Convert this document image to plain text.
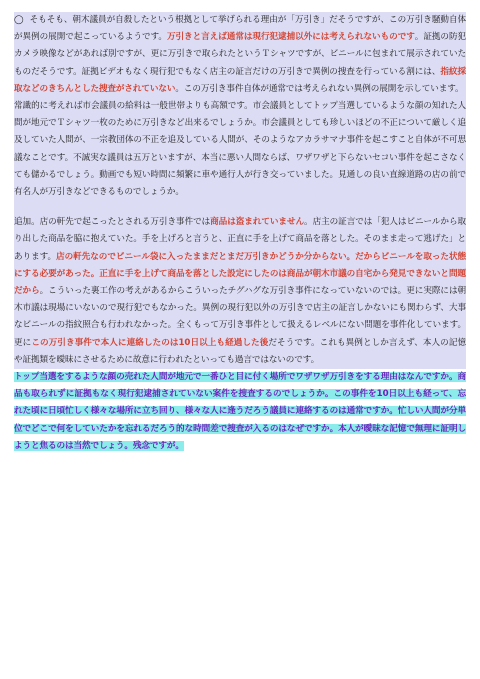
◯ そもそも、朝木議員が自殺したという根拠として挙げられる理由が「万引き」だそうですが、この万引き騒動自体が異例の展開で起こっているようです。万引きと言えば通常は現行犯逮捕以外には考えられないものです。証拠の防犯カメラ映像などがあれば別ですが、更に万引きで取られたというＴシャツですが、ビニールに包まれて展示されていたものだそうです。証拠ビデオもなく現行犯でもなく店主の証言だけの万引きで異例の捜査を行っている割には、指紋採取などのきちんとした捜査がされていない。この万引き事件自体が通常では考えられない異例の展開を示しています。

常識的に考えれば市会議員の給料は一般世帯よりも高額です。市会議員としてトップ当選しているような顔の知れた人間が地元でＴシャツ一枚のために万引きなど出来るでしょうか。市会議員としても珍しいほどの不正について厳しく追及していた人間が、一宗教団体の不正を追及している人間が、そのようなアカラサマナ事件を起こすこと自体が不可思議なことです。不誠実な議員は五万といますが、本当に悪い人間ならば、ワザワザと下らないセコい事件を起こさなくても儲かるでしょう。動画でも短い時間に頻繁に車や通行人が行き交っていました。見通しの良い直線道路の店の前で有名人が万引きなどできるものでしょうか。

追加。店の軒先で起こったとされる万引き事件では商品は盗まれていません。店主の証言では「犯人はビニールから取り出した商品を脇に抱えていた。手を上げろと言うと、正直に手を上げて商品を落とした。そのまま走って逃げた」とあります。店の軒先なのでビニール袋に入ったままだとまだ万引きかどうか分からない。だからビニールを取った状態にする必要があった。正直に手を上げて商品を落とした設定にしたのは商品が朝木市議の自宅から発見できないと問題だから。こういった裏工作の考えがあるからこういったチグハグな万引き事件になっていないのでは。更に実際には朝木市議は現場にいないので現行犯でもなかった。異例の現行犯以外の万引きで店主の証言しかないにも関わらず、大事なビニールの指紋照合も行われなかった。全くもって万引き事件として扱えるレベルにない問題を事件化しています。更にこの万引き事件で本人に連絡したのは10日以上も経過した後だそうです。これも異例としか言えず、本人の記憶や証拠類を曖昧にさせるために故意に行われたといっても過言ではないのです。

トップ当選をするような顔の売れた人間が地元で一番ひと目に付く場所でワザワザ万引きをする理由はなんですか。商品も取られずに証拠もなく現行犯逮捕されていない案件を捜査するのでしょうか。この事件を10日以上も経って、忘れた頃に日頃忙しく様々な場所に立ち回り、様々な人に逢うだろう議員に連絡するのは通常ですか。忙しい人間が分単位でどこで何をしていたかを忘れるだろう的な時間差で捜査が入るのはなぜですか。本人が曖昧な記憶で無理に証明しようと焦るのは当然でしょう。残念ですが。
